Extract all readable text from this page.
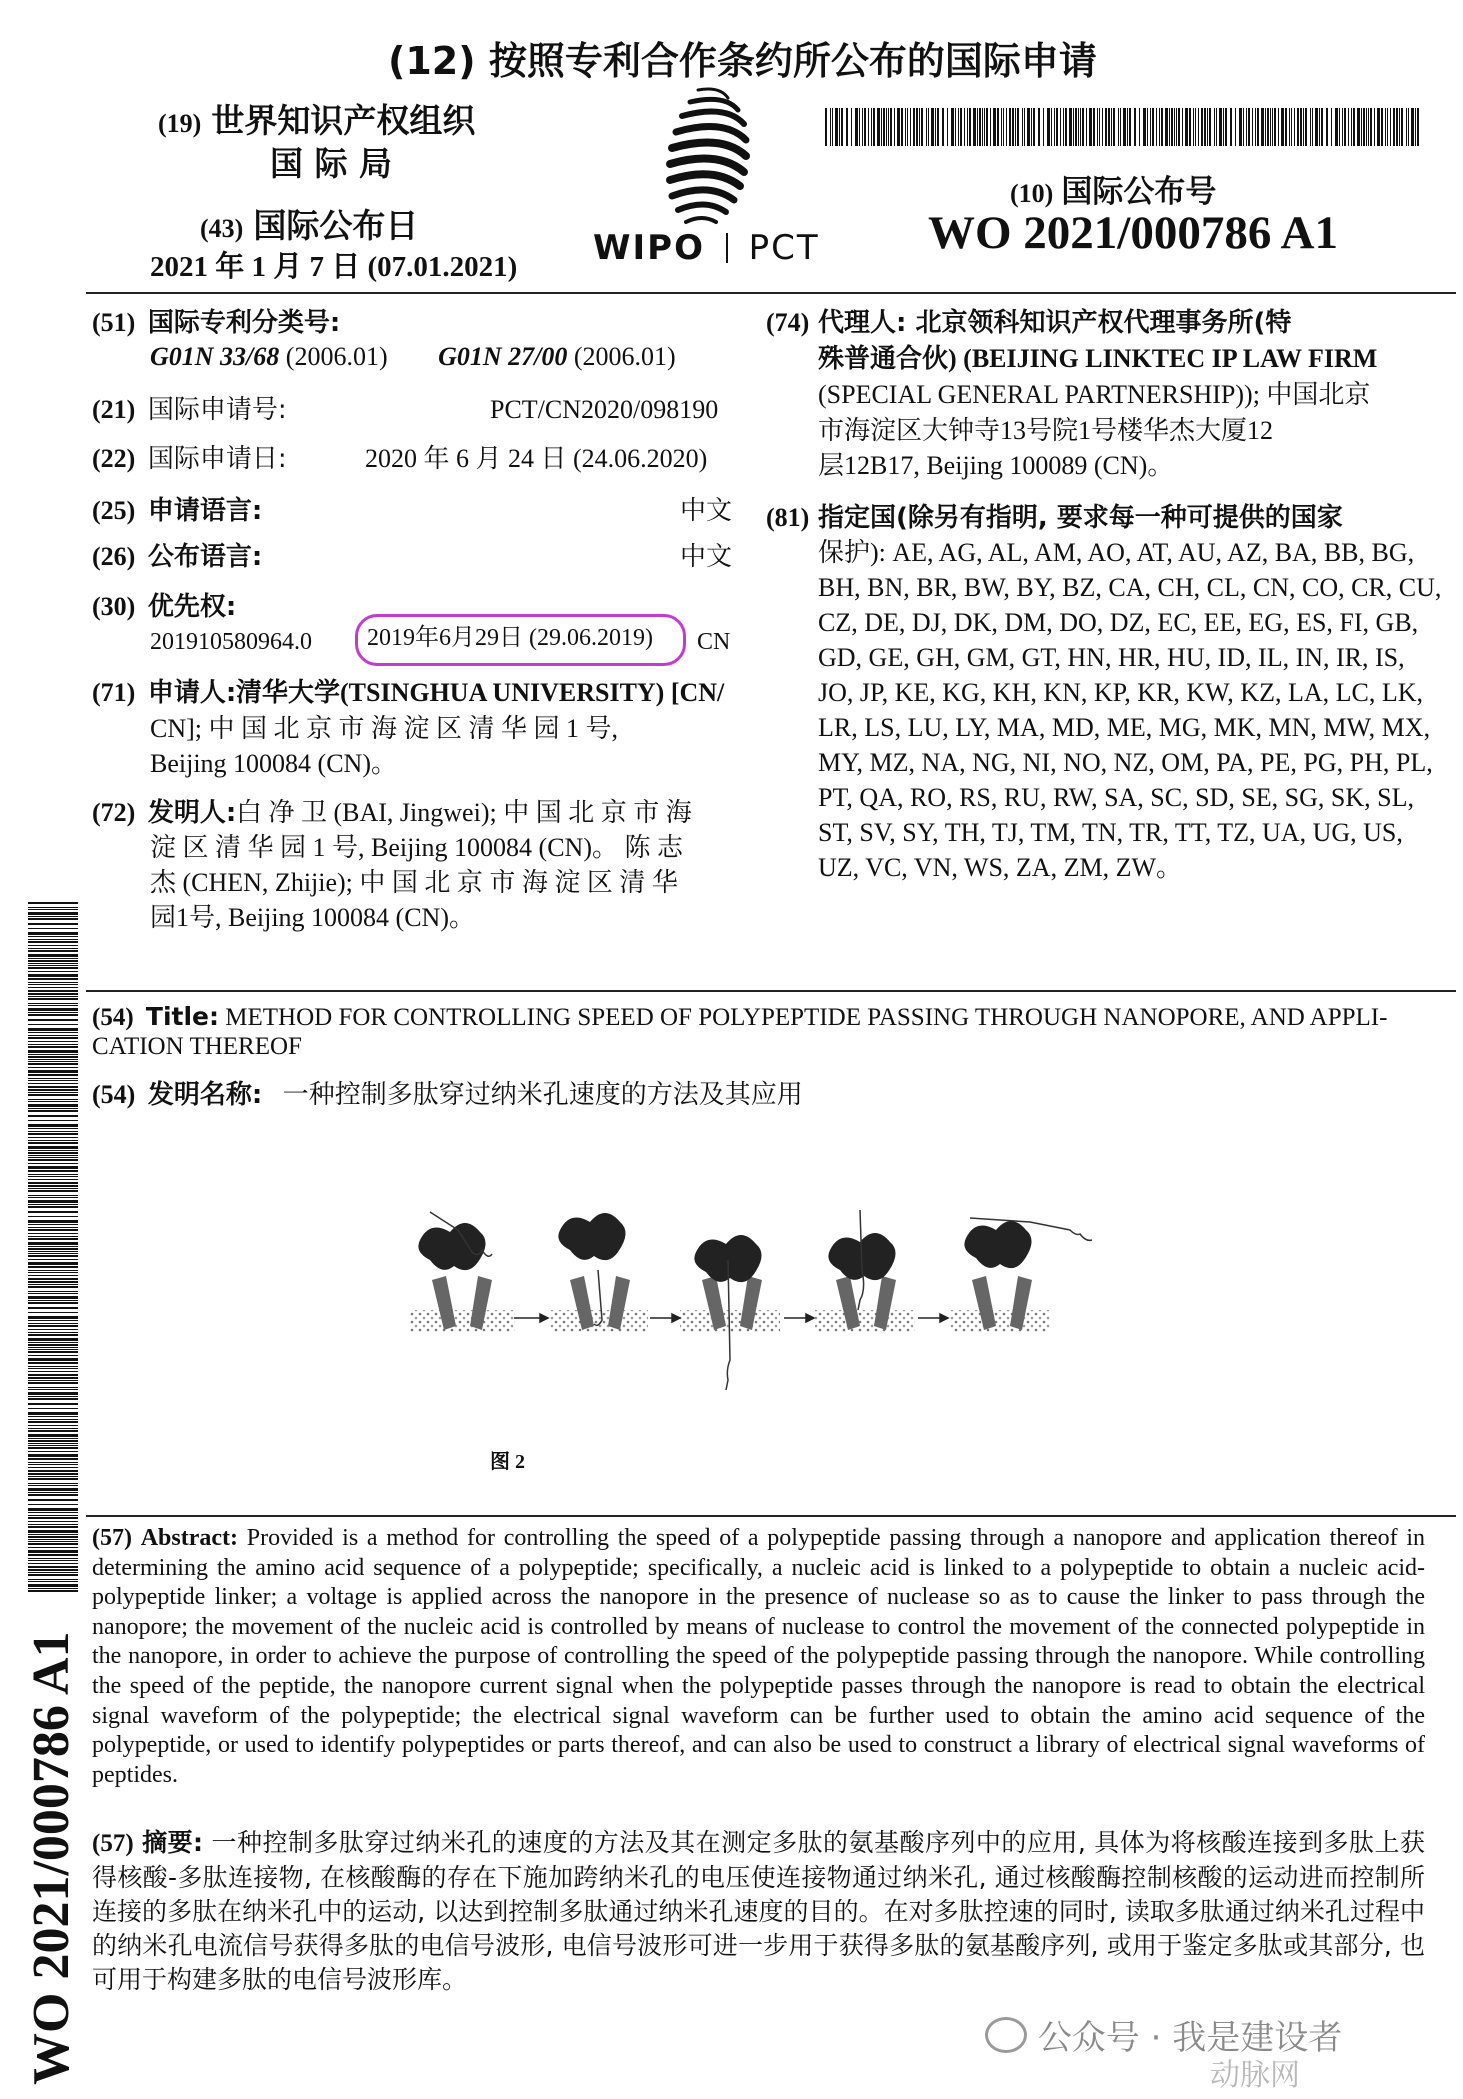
(12) 按照专利合作条约所公布的国际申请
(19) 世界知识产权组织
国 际 局
(43) 国际公布日
2021 年 1 月 7 日 (07.01.2021) WIPO PCT
(10) 国际公布号
WO 2021/000786 A1
(51) 国际专利分类号:
G01N 33/68 (2006.01) G01N 27/00 (2006.01)
(21) 国际申请号:	PCT/CN2020/098190
(22) 国际申请日:	2020 年 6 月 24 日 (24.06.2020)
(25) 申请语言:	中文
(26) 公布语言:	中文
(30) 优先权:
201910580964.0 2019年6月29日 (29.06.2019) CN
(71) 申请人: 清华大学(TSINGHUA UNIVERSITY) [CN/
CN]; 中 国 北 京 市 海 淀 区 清 华 园 1 号,
Beijing 100084 (CN)。
(72) 发明人: 白 净 卫 (BAI, Jingwei); 中 国 北 京 市 海
淀 区 清 华 园 1 号, Beijing 100084 (CN)。 陈 志
杰 (CHEN, Zhijie); 中 国 北 京 市 海 淀 区 清 华
园1号, Beijing 100084 (CN)。
(74) 代理人: 北京领科知识产权代理事务所(特
殊普通合伙) (BEIJING LINKTEC IP LAW FIRM
(SPECIAL GENERAL PARTNERSHIP)); 中国北京
市海淀区大钟寺13号院1号楼华杰大厦12
层12B17, Beijing 100089 (CN)。
(81) 指定国(除另有指明, 要求每一种可提供的国家
保护): AE, AG, AL, AM, AO, AT, AU, AZ, BA, BB, BG,
BH, BN, BR, BW, BY, BZ, CA, CH, CL, CN, CO, CR, CU,
CZ, DE, DJ, DK, DM, DO, DZ, EC, EE, EG, ES, FI, GB,
GD, GE, GH, GM, GT, HN, HR, HU, ID, IL, IN, IR, IS,
JO, JP, KE, KG, KH, KN, KP, KR, KW, KZ, LA, LC, LK,
LR, LS, LU, LY, MA, MD, ME, MG, MK, MN, MW, MX,
MY, MZ, NA, NG, NI, NO, NZ, OM, PA, PE, PG, PH, PL,
PT, QA, RO, RS, RU, RW, SA, SC, SD, SE, SG, SK, SL,
ST, SV, SY, TH, TJ, TM, TN, TR, TT, TZ, UA, UG, US,
UZ, VC, VN, WS, ZA, ZM, ZW。
WO 2021/000786 A1
(54) Title: METHOD FOR CONTROLLING SPEED OF POLYPEPTIDE PASSING THROUGH NANOPORE, AND APPLI-
CATION THEREOF
(54) 发明名称: 一种控制多肽穿过纳米孔速度的方法及其应用
图 2
(57) Abstract: Provided is a method for controlling the speed of a polypeptide passing through a nanopore and application thereof in determining the amino acid sequence of a polypeptide; specifically, a nucleic acid is linked to a polypeptide to obtain a nucleic acid-polypeptide linker; a voltage is applied across the nanopore in the presence of nuclease so as to cause the linker to pass through the nanopore; the movement of the nucleic acid is controlled by means of nuclease to control the movement of the connected polypeptide in the nanopore, in order to achieve the purpose of controlling the speed of the polypeptide passing through the nanopore. While controlling the speed of the peptide, the nanopore current signal when the polypeptide passes through the nanopore is read to obtain the electrical signal waveform of the polypeptide; the electrical signal waveform can be further used to obtain the amino acid sequence of the polypeptide, or used to identify polypeptides or parts thereof, and can also be used to construct a library of electrical signal waveforms of peptides.
(57) 摘要: 一种控制多肽穿过纳米孔的速度的方法及其在测定多肽的氨基酸序列中的应用, 具体为将核酸连接到多肽上获得核酸-多肽连接物, 在核酸酶的存在下施加跨纳米孔的电压使连接物通过纳米孔, 通过核酸酶控制核酸的运动进而控制所连接的多肽在纳米孔中的运动, 以达到控制多肽通过纳米孔速度的目的。在对多肽控速的同时, 读取多肽通过纳米孔过程中的纳米孔电流信号获得多肽的电信号波形, 电信号波形可进一步用于获得多肽的氨基酸序列, 或用于鉴定多肽或其部分, 也可用于构建多肽的电信号波形库。
公众号 · 我是建设者
动脉网
